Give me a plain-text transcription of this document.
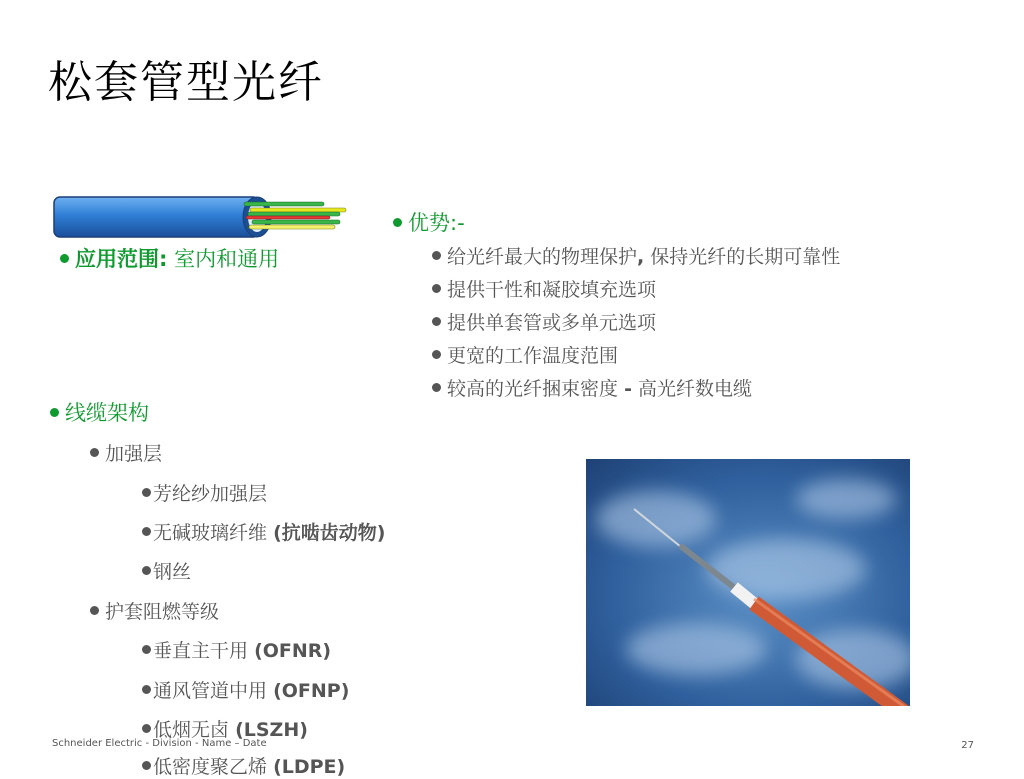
松套管型光纤
应用范围: 室内和通用
优势:-
给光纤最大的物理保护, 保持光纤的长期可靠性
提供干性和凝胶填充选项
提供单套管或多单元选项
更宽的工作温度范围
较高的光纤捆束密度 - 高光纤数电缆
线缆架构
加强层
芳纶纱加强层
无碱玻璃纤维 (抗啮齿动物)
钢丝
护套阻燃等级
垂直主干用 (OFNR)
通风管道中用 (OFNP)
低烟无卤 (LSZH)
低密度聚乙烯 (LDPE)
Schneider Electric - Division - Name – Date	27
